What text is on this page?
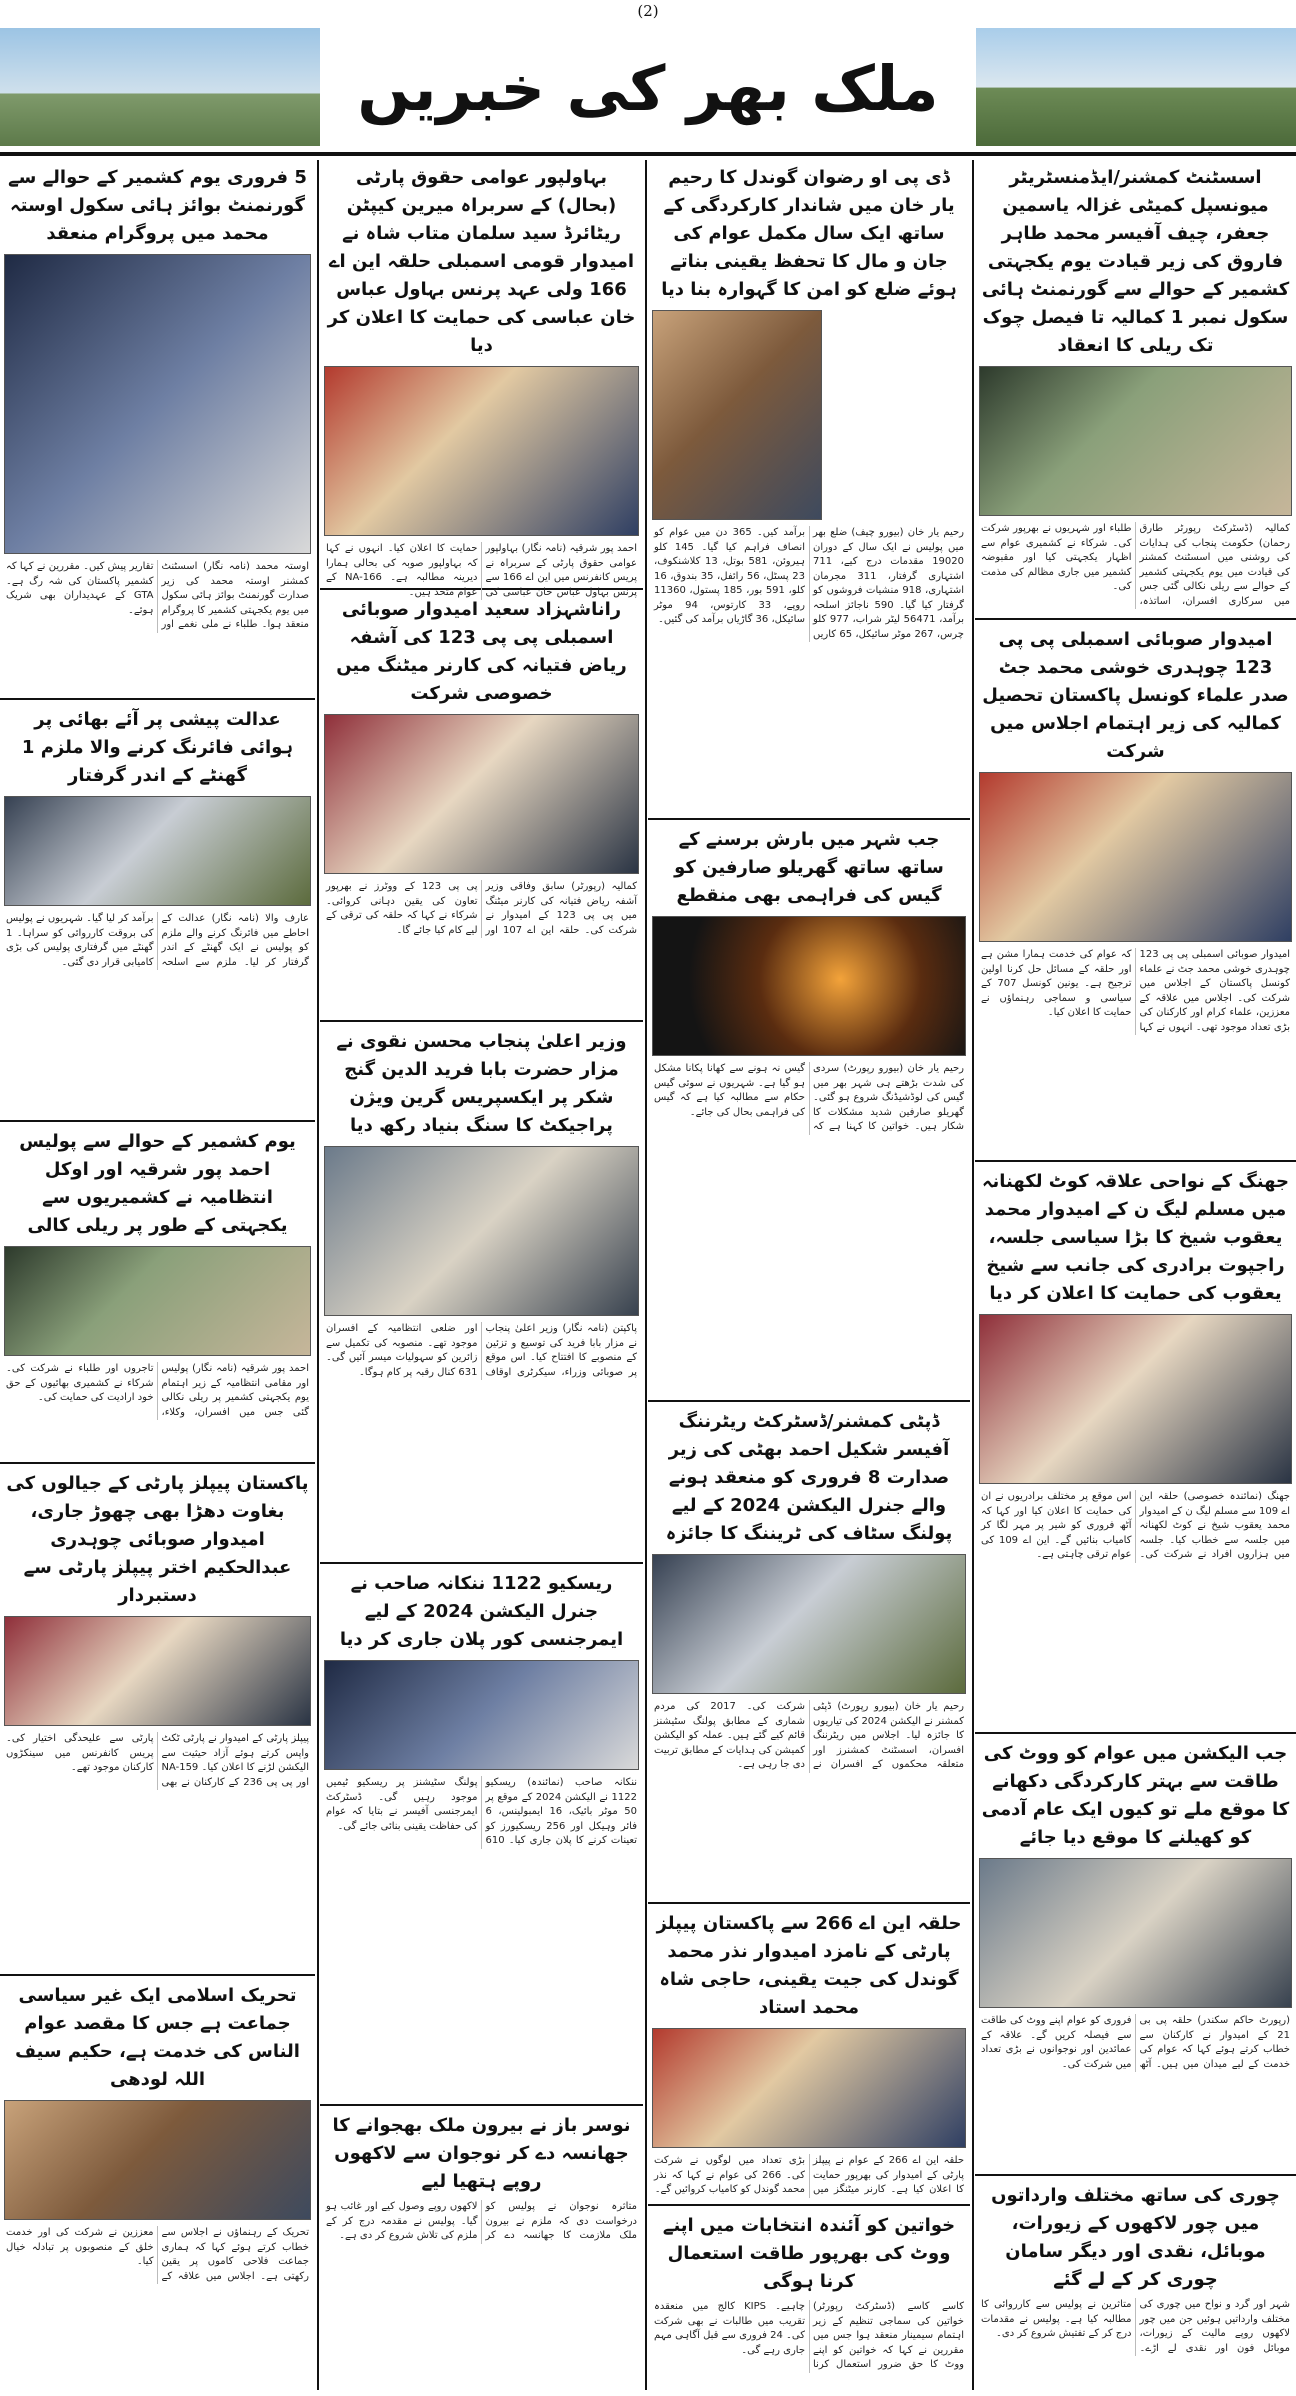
(2)
ملک بھر کی خبریں
اسسٹنٹ کمشنر/ایڈمنسٹریٹر میونسپل کمیٹی غزالہ یاسمین جعفر، چیف آفیسر محمد طاہر فاروق کی زیر قیادت یوم یکجہتی کشمیر کے حوالے سے گورنمنٹ ہائی سکول نمبر 1 کمالیہ تا فیصل چوک تک ریلی کا انعقاد
کمالیہ (ڈسٹرکٹ رپورٹر طارق رحمان) حکومت پنجاب کی ہدایات کی روشنی میں اسسٹنٹ کمشنر کی قیادت میں یوم یکجہتی کشمیر کے حوالے سے ریلی نکالی گئی جس میں سرکاری افسران، اساتذہ، طلباء اور شہریوں نے بھرپور شرکت کی۔ شرکاء نے کشمیری عوام سے اظہار یکجہتی کیا اور مقبوضہ کشمیر میں جاری مظالم کی مذمت کی۔
امیدوار صوبائی اسمبلی پی پی 123 چوہدری خوشی محمد جٹ صدر علماء کونسل پاکستان تحصیل کمالیہ کی زیر اہتمام اجلاس میں شرکت
امیدوار صوبائی اسمبلی پی پی 123 چوہدری خوشی محمد جٹ نے علماء کونسل پاکستان کے اجلاس میں شرکت کی۔ اجلاس میں علاقہ کے معززین، علماء کرام اور کارکنان کی بڑی تعداد موجود تھی۔ انہوں نے کہا کہ عوام کی خدمت ہمارا مشن ہے اور حلقہ کے مسائل حل کرنا اولین ترجیح ہے۔ یونین کونسل 707 کے سیاسی و سماجی رہنماؤں نے حمایت کا اعلان کیا۔
جھنگ کے نواحی علاقہ کوٹ لکھنانہ میں مسلم لیگ ن کے امیدوار محمد یعقوب شیخ کا بڑا سیاسی جلسہ، راجپوت برادری کی جانب سے شیخ یعقوب کی حمایت کا اعلان کر دیا
جھنگ (نمائندہ خصوصی) حلقہ این اے 109 سے مسلم لیگ ن کے امیدوار محمد یعقوب شیخ نے کوٹ لکھنانہ میں جلسہ سے خطاب کیا۔ جلسہ میں ہزاروں افراد نے شرکت کی۔ اس موقع پر مختلف برادریوں نے ان کی حمایت کا اعلان کیا اور کہا کہ آٹھ فروری کو شیر پر مہر لگا کر کامیاب بنائیں گے۔ این اے 109 کی عوام ترقی چاہتی ہے۔
جب الیکشن میں عوام کو ووٹ کی طاقت سے بہتر کارکردگی دکھانے کا موقع ملے تو کیوں ایک عام آدمی کو کھیلنے کا موقع دیا جائے
(رپورٹ حاکم سکندر) حلقہ پی بی 21 کے امیدوار نے کارکنان سے خطاب کرتے ہوئے کہا کہ عوام کی خدمت کے لیے میدان میں ہیں۔ آٹھ فروری کو عوام اپنے ووٹ کی طاقت سے فیصلہ کریں گے۔ علاقہ کے عمائدین اور نوجوانوں نے بڑی تعداد میں شرکت کی۔
چوری کی ساتھ مختلف وارداتوں میں چور لاکھوں کے زیورات، موبائل، نقدی اور دیگر سامان چوری کر کے لے گئے
شہر اور گرد و نواح میں چوری کی مختلف وارداتیں ہوئیں جن میں چور لاکھوں روپے مالیت کے زیورات، موبائل فون اور نقدی لے اڑے۔ متاثرین نے پولیس سے کارروائی کا مطالبہ کیا ہے۔ پولیس نے مقدمات درج کر کے تفتیش شروع کر دی۔
ڈی پی او رضوان گوندل کا رحیم یار خان میں شاندار کارکردگی کے ساتھ ایک سال مکمل عوام کی جان و مال کا تحفظ یقینی بناتے ہوئے ضلع کو امن کا گہوارہ بنا دیا
رحیم یار خان (بیورو چیف) ضلع بھر میں پولیس نے ایک سال کے دوران 19020 مقدمات درج کیے، 711 اشتہاری گرفتار، 311 مجرمان اشتہاری، 918 منشیات فروشوں کو گرفتار کیا گیا۔ 590 ناجائز اسلحہ برآمد، 56471 لیٹر شراب، 977 کلو چرس، 267 موٹر سائیکل، 65 کاریں برآمد کیں۔ 365 دن میں عوام کو انصاف فراہم کیا گیا۔ 145 کلو ہیروئن، 581 بوتل، 13 کلاشنکوف، 23 پسٹل، 56 رائفل، 35 بندوق، 16 کلو، 591 بور، 185 پستول، 11360 روپے، 33 کارتوس، 94 موٹر سائیکل، 36 گاڑیاں برآمد کی گئیں۔
جب شہر میں بارش برسنے کے ساتھ ساتھ گھریلو صارفین کو گیس کی فراہمی بھی منقطع
رحیم یار خان (بیورو رپورٹ) سردی کی شدت بڑھتے ہی شہر بھر میں گیس کی لوڈشیڈنگ شروع ہو گئی۔ گھریلو صارفین شدید مشکلات کا شکار ہیں۔ خواتین کا کہنا ہے کہ گیس نہ ہونے سے کھانا پکانا مشکل ہو گیا ہے۔ شہریوں نے سوئی گیس حکام سے مطالبہ کیا ہے کہ گیس کی فراہمی بحال کی جائے۔
ڈپٹی کمشنر/ڈسٹرکٹ ریٹرننگ آفیسر شکیل احمد بھٹی کی زیر صدارت 8 فروری کو منعقد ہونے والے جنرل الیکشن 2024 کے لیے پولنگ سٹاف کی ٹریننگ کا جائزہ
رحیم یار خان (بیورو رپورٹ) ڈپٹی کمشنر نے الیکشن 2024 کی تیاریوں کا جائزہ لیا۔ اجلاس میں ریٹرننگ افسران، اسسٹنٹ کمشنرز اور متعلقہ محکموں کے افسران نے شرکت کی۔ 2017 کی مردم شماری کے مطابق پولنگ سٹیشنز قائم کیے گئے ہیں۔ عملہ کو الیکشن کمیشن کی ہدایات کے مطابق تربیت دی جا رہی ہے۔
حلقہ این اے 266 سے پاکستان پیپلز پارٹی کے نامزد امیدوار نذر محمد گوندل کی جیت یقینی، حاجی شاہ محمد استاد
حلقہ این اے 266 کے عوام نے پیپلز پارٹی کے امیدوار کی بھرپور حمایت کا اعلان کیا ہے۔ کارنر میٹنگز میں بڑی تعداد میں لوگوں نے شرکت کی۔ 266 کی عوام نے کہا کہ نذر محمد گوندل کو کامیاب کروائیں گے۔
خواتین کو آئندہ انتخابات میں اپنے ووٹ کی بھرپور طاقت استعمال کرنا ہوگی
کاسے کاسے (ڈسٹرکٹ رپورٹر) خواتین کی سماجی تنظیم کے زیر اہتمام سیمینار منعقد ہوا جس میں مقررین نے کہا کہ خواتین کو اپنے ووٹ کا حق ضرور استعمال کرنا چاہیے۔ KIPS کالج میں منعقدہ تقریب میں طالبات نے بھی شرکت کی۔ 24 فروری سے قبل آگاہی مہم جاری رہے گی۔
بہاولپور عوامی حقوق پارٹی (بحال) کے سربراہ میرین کیپٹن ریٹائرڈ سید سلمان متاب شاہ نے امیدوار قومی اسمبلی حلقہ این اے 166 ولی عہد پرنس بہاول عباس خان عباسی کی حمایت کا اعلان کر دیا
احمد پور شرقیہ (نامہ نگار) بہاولپور عوامی حقوق پارٹی کے سربراہ نے پریس کانفرنس میں این اے 166 سے پرنس بہاول عباس خان عباسی کی حمایت کا اعلان کیا۔ انہوں نے کہا کہ بہاولپور صوبہ کی بحالی ہمارا دیرینہ مطالبہ ہے۔ NA-166 کے عوام متحد ہیں۔
راناشہزاد سعید امیدوار صوبائی اسمبلی پی پی 123 کی آشفہ ریاض فتیانہ کی کارنر میٹنگ میں خصوصی شرکت
کمالیہ (رپورٹر) سابق وفاقی وزیر آشفہ ریاض فتیانہ کی کارنر میٹنگ میں پی پی 123 کے امیدوار نے شرکت کی۔ حلقہ این اے 107 اور پی پی 123 کے ووٹرز نے بھرپور تعاون کی یقین دہانی کروائی۔ شرکاء نے کہا کہ حلقہ کی ترقی کے لیے کام کیا جائے گا۔
وزیر اعلیٰ پنجاب محسن نقوی نے مزار حضرت بابا فرید الدین گنج شکر پر ایکسپریس گرین ویژن پراجیکٹ کا سنگ بنیاد رکھ دیا
پاکپتن (نامہ نگار) وزیر اعلیٰ پنجاب نے مزار بابا فرید کی توسیع و تزئین کے منصوبے کا افتتاح کیا۔ اس موقع پر صوبائی وزراء، سیکرٹری اوقاف اور ضلعی انتظامیہ کے افسران موجود تھے۔ منصوبہ کی تکمیل سے زائرین کو سہولیات میسر آئیں گی۔ 631 کنال رقبہ پر کام ہوگا۔
ریسکیو 1122 ننکانہ صاحب نے جنرل الیکشن 2024 کے لیے ایمرجنسی کور پلان جاری کر دیا
ننکانہ صاحب (نمائندہ) ریسکیو 1122 نے الیکشن 2024 کے موقع پر 50 موٹر بائیک، 16 ایمبولینس، 6 فائر وہیکل اور 256 ریسکیورز کو تعینات کرنے کا پلان جاری کیا۔ 610 پولنگ سٹیشنز پر ریسکیو ٹیمیں موجود رہیں گی۔ ڈسٹرکٹ ایمرجنسی آفیسر نے بتایا کہ عوام کی حفاظت یقینی بنائی جائے گی۔
نوسر باز نے بیرون ملک بھجوانے کا جھانسہ دے کر نوجوان سے لاکھوں روپے ہتھیا لیے
متاثرہ نوجوان نے پولیس کو درخواست دی کہ ملزم نے بیرون ملک ملازمت کا جھانسہ دے کر لاکھوں روپے وصول کیے اور غائب ہو گیا۔ پولیس نے مقدمہ درج کر کے ملزم کی تلاش شروع کر دی ہے۔
5 فروری یوم کشمیر کے حوالے سے گورنمنٹ بوائز ہائی سکول اوستہ محمد میں پروگرام منعقد
اوستہ محمد (نامہ نگار) اسسٹنٹ کمشنر اوستہ محمد کی زیر صدارت گورنمنٹ بوائز ہائی سکول میں یوم یکجہتی کشمیر کا پروگرام منعقد ہوا۔ طلباء نے ملی نغمے اور تقاریر پیش کیں۔ مقررین نے کہا کہ کشمیر پاکستان کی شہ رگ ہے۔ GTA کے عہدیداران بھی شریک ہوئے۔
عدالت پیشی پر آئے بھائی پر ہوائی فائرنگ کرنے والا ملزم 1 گھنٹے کے اندر گرفتار
عارف والا (نامہ نگار) عدالت کے احاطے میں فائرنگ کرنے والے ملزم کو پولیس نے ایک گھنٹے کے اندر گرفتار کر لیا۔ ملزم سے اسلحہ برآمد کر لیا گیا۔ شہریوں نے پولیس کی بروقت کارروائی کو سراہا۔ 1 گھنٹے میں گرفتاری پولیس کی بڑی کامیابی قرار دی گئی۔
یوم کشمیر کے حوالے سے پولیس احمد پور شرقیہ اور اوکل انتظامیہ نے کشمیریوں سے یکجہتی کے طور پر ریلی کالی
احمد پور شرقیہ (نامہ نگار) پولیس اور مقامی انتظامیہ کے زیر اہتمام یوم یکجہتی کشمیر پر ریلی نکالی گئی جس میں افسران، وکلاء، تاجروں اور طلباء نے شرکت کی۔ شرکاء نے کشمیری بھائیوں کے حق خود ارادیت کی حمایت کی۔
پاکستان پیپلز پارٹی کے جیالوں کی بغاوت دھڑا بھی چھوڑ جاری، امیدوار صوبائی چوہدری عبدالحکیم اختر پیپلز پارٹی سے دستبردار
پیپلز پارٹی کے امیدوار نے پارٹی ٹکٹ واپس کرتے ہوئے آزاد حیثیت سے الیکشن لڑنے کا اعلان کیا۔ NA-159 اور پی پی 236 کے کارکنان نے بھی پارٹی سے علیحدگی اختیار کی۔ پریس کانفرنس میں سینکڑوں کارکنان موجود تھے۔
تحریک اسلامی ایک غیر سیاسی جماعت ہے جس کا مقصد عوام الناس کی خدمت ہے، حکیم سیف اللہ لودھی
تحریک کے رہنماؤں نے اجلاس سے خطاب کرتے ہوئے کہا کہ ہماری جماعت فلاحی کاموں پر یقین رکھتی ہے۔ اجلاس میں علاقہ کے معززین نے شرکت کی اور خدمت خلق کے منصوبوں پر تبادلہ خیال کیا۔
